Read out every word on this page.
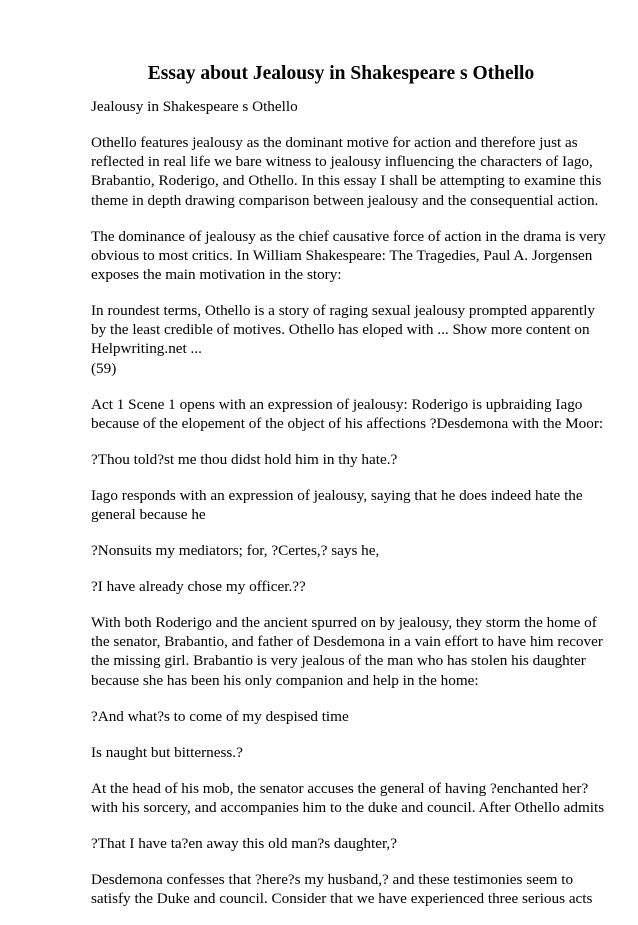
Essay about Jealousy in Shakespeare s Othello
Jealousy in Shakespeare s Othello
Othello features jealousy as the dominant motive for action and therefore just as
reflected in real life we bare witness to jealousy influencing the characters of Iago,
Brabantio, Roderigo, and Othello. In this essay I shall be attempting to examine this
theme in depth drawing comparison between jealousy and the consequential action.
The dominance of jealousy as the chief causative force of action in the drama is very
obvious to most critics. In William Shakespeare: The Tragedies, Paul A. Jorgensen
exposes the main motivation in the story:
In roundest terms, Othello is a story of raging sexual jealousy prompted apparently
by the least credible of motives. Othello has eloped with ... Show more content on
Helpwriting.net ...
(59)
Act 1 Scene 1 opens with an expression of jealousy: Roderigo is upbraiding Iago
because of the elopement of the object of his affections ?Desdemona with the Moor:
?Thou told?st me thou didst hold him in thy hate.?
Iago responds with an expression of jealousy, saying that he does indeed hate the
general because he
?Nonsuits my mediators; for, ?Certes,? says he,
?I have already chose my officer.??
With both Roderigo and the ancient spurred on by jealousy, they storm the home of
the senator, Brabantio, and father of Desdemona in a vain effort to have him recover
the missing girl. Brabantio is very jealous of the man who has stolen his daughter
because she has been his only companion and help in the home:
?And what?s to come of my despised time
Is naught but bitterness.?
At the head of his mob, the senator accuses the general of having ?enchanted her?
with his sorcery, and accompanies him to the duke and council. After Othello admits
?That I have ta?en away this old man?s daughter,?
Desdemona confesses that ?here?s my husband,? and these testimonies seem to
satisfy the Duke and council. Consider that we have experienced three serious acts
